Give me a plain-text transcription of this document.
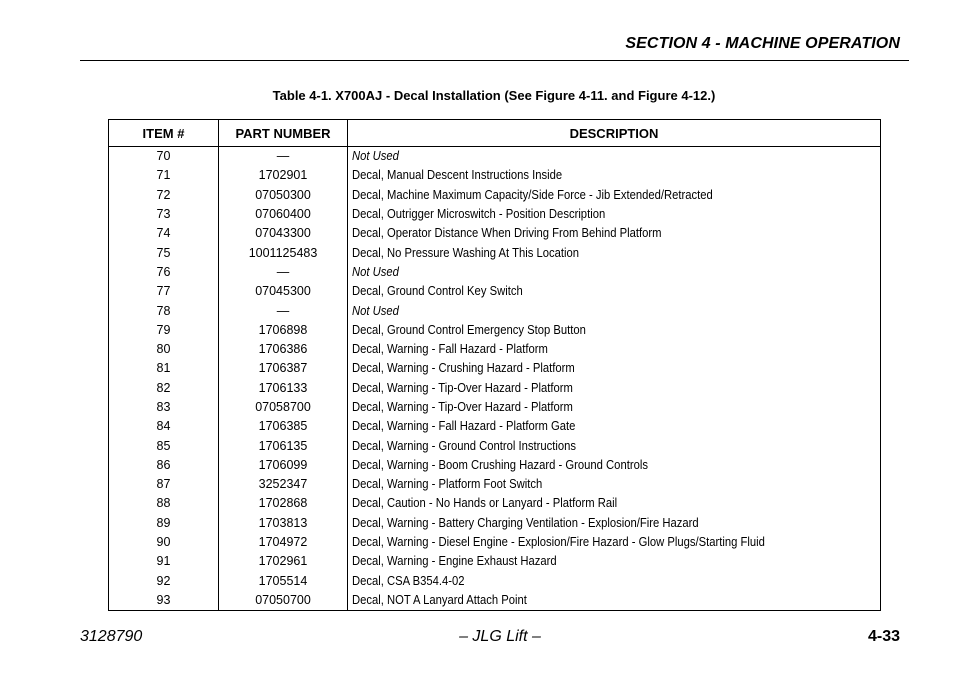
SECTION 4 - MACHINE OPERATION
Table 4-1. X700AJ - Decal Installation (See Figure 4-11. and Figure 4-12.)
ITEM #	PART NUMBER	DESCRIPTION
70	—	Not Used
71	1702901	Decal, Manual Descent Instructions Inside
72	07050300	Decal, Machine Maximum Capacity/Side Force - Jib Extended/Retracted
73	07060400	Decal, Outrigger Microswitch - Position Description
74	07043300	Decal, Operator Distance When Driving From Behind Platform
75	1001125483	Decal, No Pressure Washing At This Location
76	—	Not Used
77	07045300	Decal, Ground Control Key Switch
78	—	Not Used
79	1706898	Decal, Ground Control Emergency Stop Button
80	1706386	Decal, Warning - Fall Hazard - Platform
81	1706387	Decal, Warning - Crushing Hazard - Platform
82	1706133	Decal, Warning - Tip-Over Hazard - Platform
83	07058700	Decal, Warning - Tip-Over Hazard - Platform
84	1706385	Decal, Warning - Fall Hazard - Platform Gate
85	1706135	Decal, Warning - Ground Control Instructions
86	1706099	Decal, Warning - Boom Crushing Hazard - Ground Controls
87	3252347	Decal, Warning - Platform Foot Switch
88	1702868	Decal, Caution - No Hands or Lanyard - Platform Rail
89	1703813	Decal, Warning - Battery Charging Ventilation - Explosion/Fire Hazard
90	1704972	Decal, Warning - Diesel Engine - Explosion/Fire Hazard - Glow Plugs/Starting Fluid
91	1702961	Decal, Warning - Engine Exhaust Hazard
92	1705514	Decal, CSA B354.4-02
93	07050700	Decal, NOT A Lanyard Attach Point
3128790	– JLG Lift –	4-33
